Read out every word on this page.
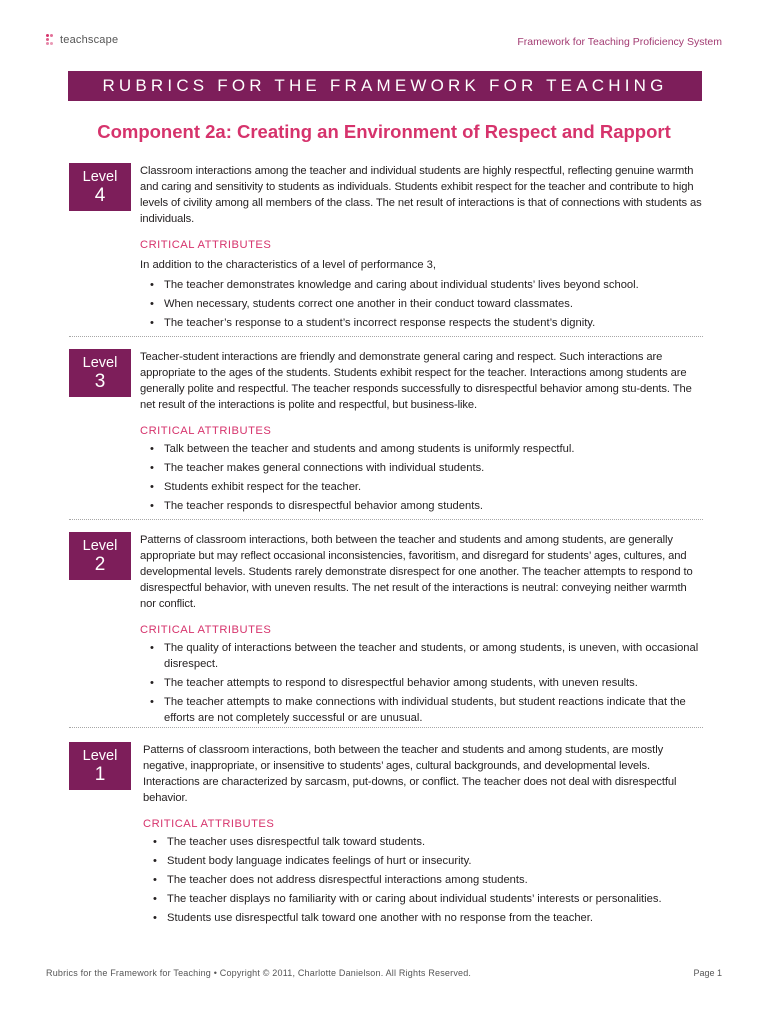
teachscape	Framework for Teaching Proficiency System
RUBRICS FOR THE FRAMEWORK FOR TEACHING
Component 2a: Creating an Environment of Respect and Rapport
Level
4

Classroom interactions among the teacher and individual students are highly respectful, reflecting genuine warmth and caring and sensitivity to students as individuals. Students exhibit respect for the teacher and contribute to high levels of civility among all members of the class. The net result of interactions is that of connections with students as individuals.

CRITICAL ATTRIBUTES
In addition to the characteristics of a level of performance 3,
• The teacher demonstrates knowledge and caring about individual students’ lives beyond school.
• When necessary, students correct one another in their conduct toward classmates.
• The teacher’s response to a student’s incorrect response respects the student’s dignity.
Level
3

Teacher-student interactions are friendly and demonstrate general caring and respect. Such interactions are appropriate to the ages of the students. Students exhibit respect for the teacher. Interactions among students are generally polite and respectful. The teacher responds successfully to disrespectful behavior among stu-dents. The net result of the interactions is polite and respectful, but business-like.

CRITICAL ATTRIBUTES
• Talk between the teacher and students and among students is uniformly respectful.
• The teacher makes general connections with individual students.
• Students exhibit respect for the teacher.
• The teacher responds to disrespectful behavior among students.
Level
2

Patterns of classroom interactions, both between the teacher and students and among students, are generally appropriate but may reflect occasional inconsistencies, favoritism, and disregard for students’ ages, cultures, and developmental levels. Students rarely demonstrate disrespect for one another. The teacher attempts to respond to disrespectful behavior, with uneven results. The net result of the interactions is neutral: conveying neither warmth nor conflict.

CRITICAL ATTRIBUTES
• The quality of interactions between the teacher and students, or among students, is uneven, with occasional disrespect.
• The teacher attempts to respond to disrespectful behavior among students, with uneven results.
• The teacher attempts to make connections with individual students, but student reactions indicate that the efforts are not completely successful or are unusual.
Level
1

Patterns of classroom interactions, both between the teacher and students and among students, are mostly negative, inappropriate, or insensitive to students’ ages, cultural backgrounds, and developmental levels. Interactions are characterized by sarcasm, put-downs, or conflict. The teacher does not deal with disrespectful behavior.

CRITICAL ATTRIBUTES
• The teacher uses disrespectful talk toward students.
• Student body language indicates feelings of hurt or insecurity.
• The teacher does not address disrespectful interactions among students.
• The teacher displays no familiarity with or caring about individual students’ interests or personalities.
• Students use disrespectful talk toward one another with no response from the teacher.
Rubrics for the Framework for Teaching • Copyright © 2011, Charlotte Danielson. All Rights Reserved.	Page 1
